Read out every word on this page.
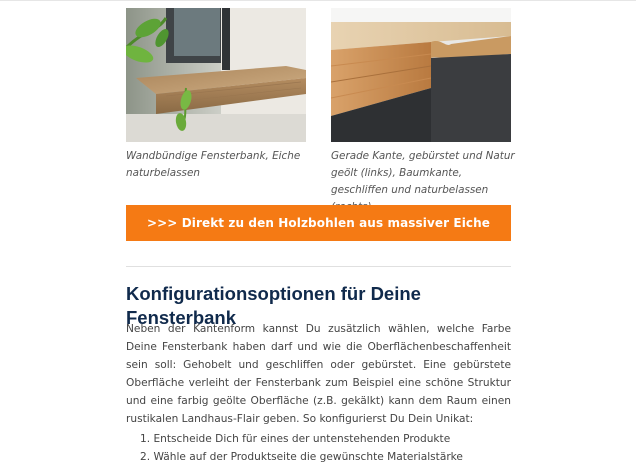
Wandbündige Fensterbank, Eiche naturbelassen
Gerade Kante, gebürstet und Natur geölt (links), Baumkante, geschliffen und naturbelassen
>>> Direkt zu den Holzbohlen aus massiver Eiche
Konfigurationsoptionen für Deine Fensterbank

Neben der Kantenform kannst Du zusätzlich wählen, welche Farbe Deine Fensterbank haben darf und wie die Oberflächenbeschaffenheit sein soll: Gehobelt und geschliffen oder gebürstet. Eine gebürstete Oberfläche verleiht der Fensterbank zum Beispiel eine schöne Struktur und eine farbig geölte Oberfläche (z.B. gekälkt) kann dem Raum einen rustikalen Landhaus-Flair geben. So konfigurierst Du Dein Unikat:

1. Entscheide Dich für eines der untenstehenden Produkte
2. Wähle auf der Produktseite die gewünschte Materialstärke
